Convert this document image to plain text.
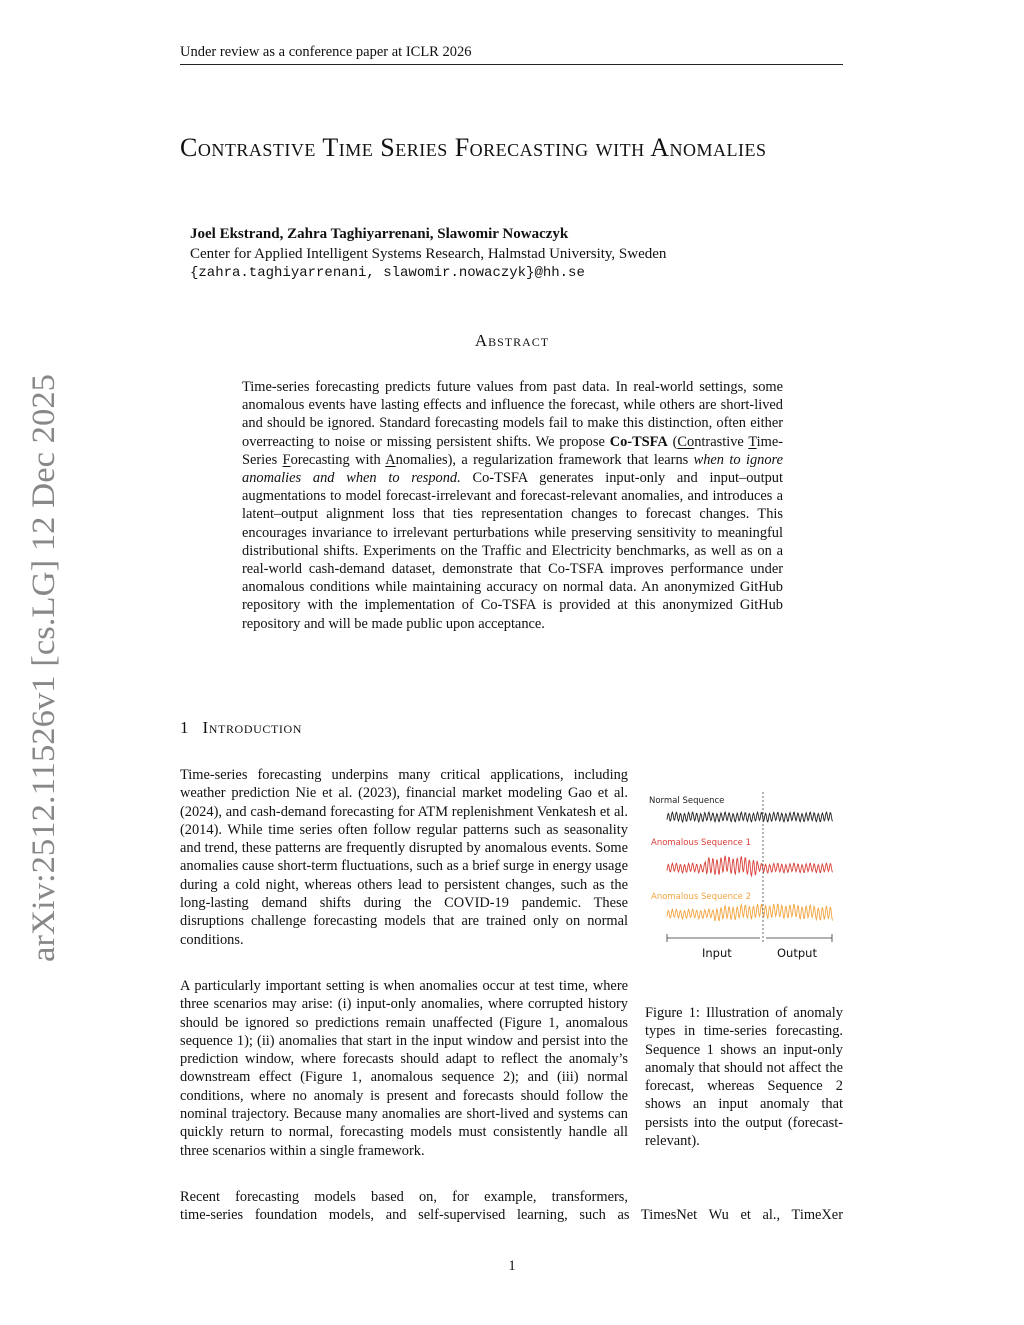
Under review as a conference paper at ICLR 2026
arXiv:2512.11526v1 [cs.LG] 12 Dec 2025
Contrastive Time Series Forecasting with Anomalies
Joel Ekstrand, Zahra Taghiyarrenani, Slawomir Nowaczyk
Center for Applied Intelligent Systems Research, Halmstad University, Sweden
{zahra.taghiyarrenani, slawomir.nowaczyk}@hh.se
Abstract
Time-series forecasting predicts future values from past data. In real-world settings, some anomalous events have lasting effects and influence the forecast, while others are short-lived and should be ignored. Standard forecasting models fail to make this distinction, often either overreacting to noise or missing persistent shifts. We propose Co-TSFA (Contrastive Time-Series Forecasting with Anomalies), a regularization framework that learns when to ignore anomalies and when to respond. Co-TSFA generates input-only and input–output augmentations to model forecast-irrelevant and forecast-relevant anomalies, and introduces a latent–output alignment loss that ties representation changes to forecast changes. This encourages invariance to irrelevant perturbations while preserving sensitivity to meaningful distributional shifts. Experiments on the Traffic and Electricity benchmarks, as well as on a real-world cash-demand dataset, demonstrate that Co-TSFA improves performance under anomalous conditions while maintaining accuracy on normal data. An anonymized GitHub repository with the implementation of Co-TSFA is provided at this anonymized GitHub repository and will be made public upon acceptance.
1 Introduction
Time-series forecasting underpins many critical applications, including weather prediction Nie et al. (2023), financial market modeling Gao et al. (2024), and cash-demand forecasting for ATM replenishment Venkatesh et al. (2014). While time series often follow regular patterns such as seasonality and trend, these patterns are frequently disrupted by anomalous events. Some anomalies cause short-term fluctuations, such as a brief surge in energy usage during a cold night, whereas others lead to persistent changes, such as the long-lasting demand shifts during the COVID-19 pandemic. These disruptions challenge forecasting models that are trained only on normal conditions.
A particularly important setting is when anomalies occur at test time, where three scenarios may arise: (i) input-only anomalies, where corrupted history should be ignored so predictions remain unaffected (Figure 1, anomalous sequence 1); (ii) anomalies that start in the input window and persist into the prediction window, where forecasts should adapt to reflect the anomaly’s downstream effect (Figure 1, anomalous sequence 2); and (iii) normal conditions, where no anomaly is present and forecasts should follow the nominal trajectory. Because many anomalies are short-lived and systems can quickly return to normal, forecasting models must consistently handle all three scenarios within a single framework.
Recent forecasting models based on, for example, transformers,
time-series foundation models, and self-supervised learning, such as TimesNet Wu et al., TimeXer
Normal Sequence
Anomalous Sequence 1
Anomalous Sequence 2
Input	Output
Figure 1: Illustration of anomaly types in time-series forecasting. Sequence 1 shows an input-only anomaly that should not affect the forecast, whereas Sequence 2 shows an input anomaly that persists into the output (forecast-relevant).
1
